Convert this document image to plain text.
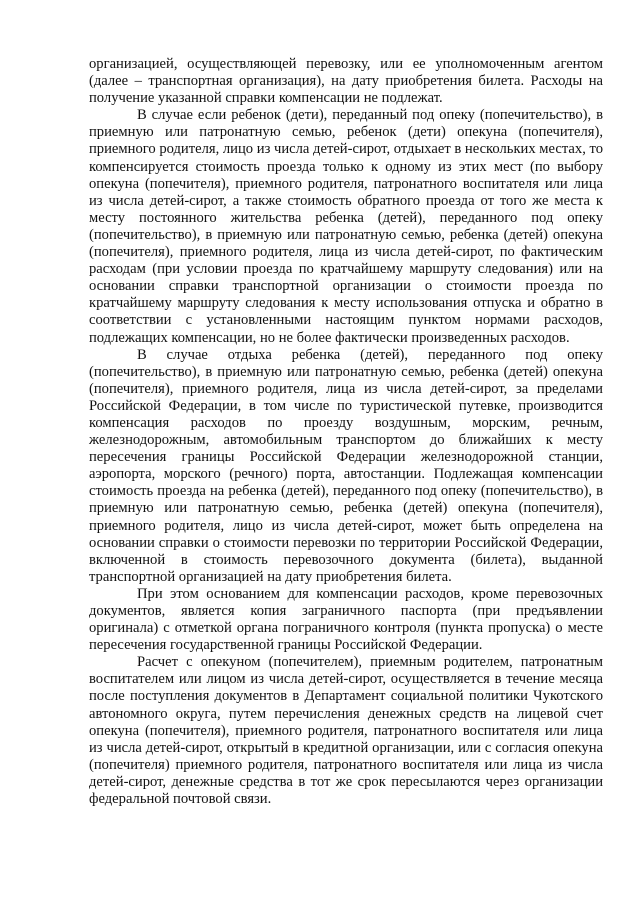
организацией, осуществляющей перевозку, или ее уполномоченным агентом (далее – транспортная организация), на дату приобретения билета. Расходы на получение указанной справки компенсации не подлежат.

В случае если ребенок (дети), переданный под опеку (попечительство), в приемную или патронатную семью, ребенок (дети) опекуна (попечителя), приемного родителя, лицо из числа детей-сирот, отдыхает в нескольких местах, то компенсируется стоимость проезда только к одному из этих мест (по выбору опекуна (попечителя), приемного родителя, патронатного воспитателя или лица из числа детей-сирот, а также стоимость обратного проезда от того же места к месту постоянного жительства ребенка (детей), переданного под опеку (попечительство), в приемную или патронатную семью, ребенка (детей) опекуна (попечителя), приемного родителя, лица из числа детей-сирот, по фактическим расходам (при условии проезда по кратчайшему маршруту следования) или на основании справки транспортной организации о стоимости проезда по кратчайшему маршруту следования к месту использования отпуска и обратно в соответствии с установленными настоящим пунктом нормами расходов, подлежащих компенсации, но не более фактически произведенных расходов.

В случае отдыха ребенка (детей), переданного под опеку (попечительство), в приемную или патронатную семью, ребенка (детей) опекуна (попечителя), приемного родителя, лица из числа детей-сирот, за пределами Российской Федерации, в том числе по туристической путевке, производится компенсация расходов по проезду воздушным, морским, речным, железнодорожным, автомобильным транспортом до ближайших к месту пересечения границы Российской Федерации железнодорожной станции, аэропорта, морского (речного) порта, автостанции. Подлежащая компенсации стоимость проезда на ребенка (детей), переданного под опеку (попечительство), в приемную или патронатную семью, ребенка (детей) опекуна (попечителя), приемного родителя, лицо из числа детей-сирот, может быть определена на основании справки о стоимости перевозки по территории Российской Федерации, включенной в стоимость перевозочного документа (билета), выданной транспортной организацией на дату приобретения билета.

При этом основанием для компенсации расходов, кроме перевозочных документов, является копия заграничного паспорта (при предъявлении оригинала) с отметкой органа пограничного контроля (пункта пропуска) о месте пересечения государственной границы Российской Федерации.

Расчет с опекуном (попечителем), приемным родителем, патронатным воспитателем или лицом из числа детей-сирот, осуществляется в течение месяца после поступления документов в Департамент социальной политики Чукотского автономного округа, путем перечисления денежных средств на лицевой счет опекуна (попечителя), приемного родителя, патронатного воспитателя или лица из числа детей-сирот, открытый в кредитной организации, или с согласия опекуна (попечителя) приемного родителя, патронатного воспитателя или лица из числа детей-сирот, денежные средства в тот же срок пересылаются через организации федеральной почтовой связи.
